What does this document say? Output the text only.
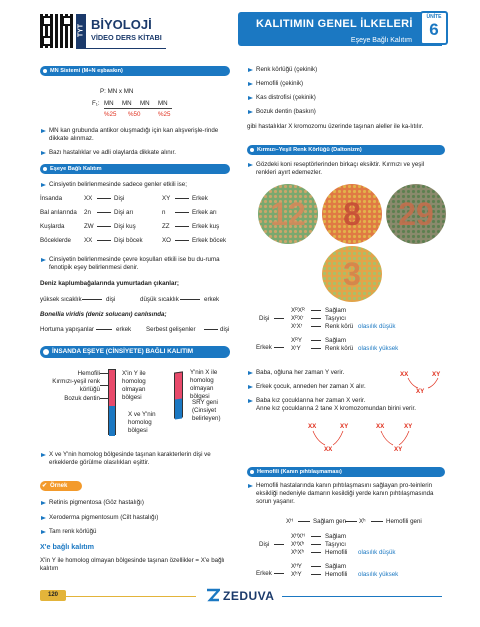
TYT BİYOLOJİ
VİDEO DERS KİTABI
KALITIMIN GENEL İLKELERİ
Eşeye Bağlı Kalıtım
ÜNİTE
6
MN Sistemi (M+N eşbaskın)
P: MN x MN
F₁: MN MN MN MN
%25 %50	%25
MN kan grubunda antikor oluşmadığı için kan alışverişle-rinde dikkate alınmaz.
Bazı hastalıklar ve adli olaylarda dikkate alınır.
Eşeye Bağlı Kalıtım
Cinsiyetin belirlenmesinde sadece genler etkili ise;
İnsanda	XX	Dişi	XY	Erkek
Bal arılarında 2n	Dişi arı	n	Erkek arı
Kuşlarda	ZW	Dişi kuş	ZZ	Erkek kuş
Böceklerde XX	Dişi böcek	XO	Erkek böcek
Cinsiyetin belirlenmesinde çevre koşulları etkili ise bu du-ruma fenotipik eşey belirlenmesi denir.
Deniz kaplumbağalarında yumurtadan çıkanlar;
yüksek sıcaklık	dişi	düşük sıcaklık	erkek
Bonellia viridis (deniz solucanı) canlısında;
Hortuma yapışanlar	erkek Serbest gelişenler	dişi
İNSANDA EŞEYE (CİNSİYETE) BAĞLI KALITIM
Hemofili
Kırmızı-yeşil renk körlüğü
Bozuk dentin
X'in Y ile homolog olmayan bölgesi
X ve Y'nin homolog bölgesi
Y'nin X ile homolog olmayan bölgesi
SRY geni (Cinsiyet belirleyen)
X ve Y'nin homolog bölgesinde taşınan karakterlerin dişi ve erkeklerde görülme olasılıkları eşittir.
✔ Örnek
Retinis pigmentosa (Göz hastalığı)
Xeroderma pigmentosum (Cilt hastalığı)
Tam renk körlüğü
X'e bağlı kalıtım
X'in Y ile homolog olmayan bölgesinde taşınan özellikler = X'e bağlı kalıtım
120	ZEDUVA
Renk körlüğü (çekinik)
Hemofili (çekinik)
Kas distrofisi (çekinik)
Bozuk dentin (baskın)
gibi hastalıklar X kromozomu üzerinde taşınan aleller ile ka-lıtılır.
Kırmızı–Yeşil Renk Körlüğü (Daltonizm)
Gözdeki koni reseptörlerinden birkaçı eksiktir. Kırmızı ve yeşil renkleri ayırt edemezler.
12	8	29
3
Dişi
Erkek
XᴿXᴿ	Sağlam
XᴿXʳ	Taşıyıcı
XʳXʳ	Renk körü
XᴿY	Sağlam
XʳY	Renk körü
olasılık düşük
olasılık yüksek
Baba, oğluna her zaman Y verir.
Erkek çocuk, anneden her zaman X alır.
Baba kız çocuklarına her zaman X verir.
Anne kız çocuklarına 2 tane X kromozomundan birini verir.
XX	XY
XY
XX	XY	XX	XY
XX	XY
Hemofili (Kanın pıhtılaşmaması)
Hemofili hastalarında kanın pıhtılaşmasını sağlayan pro-teinlerin eksikliği nedeniyle damarın kesildiği yerde kanın pıhtılaşmasında sorun yaşanır.
Xᴴ	Sağlam gen Xʰ	Hemofili geni
Dişi
Erkek
XᴴXᴴ	Sağlam
XᴴXʰ	Taşıyıcı
XʰXʰ	Hemofili
XᴴY	Sağlam
XʰY	Hemofili
olasılık düşük
olasılık yüksek
